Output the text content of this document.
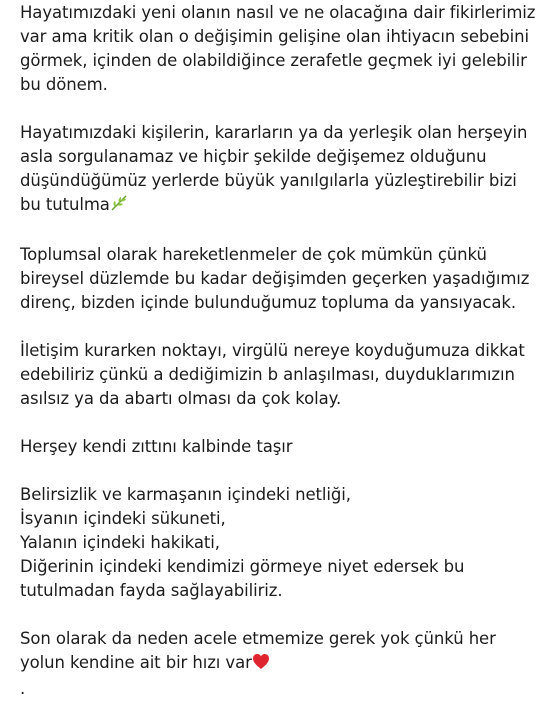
Hayatımızdaki yeni olanın nasıl ve ne olacağına dair fikirlerimiz
var ama kritik olan o değişimin gelişine olan ihtiyacın sebebini
görmek, içinden de olabildiğince zerafetle geçmek iyi gelebilir
bu dönem.

Hayatımızdaki kişilerin, kararların ya da yerleşik olan herşeyin
asla sorgulanamaz ve hiçbir şekilde değişemez olduğunu
düşündüğümüz yerlerde büyük yanılgılarla yüzleştirebilir bizi
bu tutulma

Toplumsal olarak hareketlenmeler de çok mümkün çünkü
bireysel düzlemde bu kadar değişimden geçerken yaşadığımız
direnç, bizden içinde bulunduğumuz topluma da yansıyacak.

İletişim kurarken noktayı, virgülü nereye koyduğumuza dikkat
edebiliriz çünkü a dediğimizin b anlaşılması, duyduklarımızın
asılsız ya da abartı olması da çok kolay.

Herşey kendi zıttını kalbinde taşır

Belirsizlik ve karmaşanın içindeki netliği,
İsyanın içindeki sükuneti,
Yalanın içindeki hakikati,
Diğerinin içindeki kendimizi görmeye niyet edersek bu
tutulmadan fayda sağlayabiliriz.

Son olarak da neden acele etmemize gerek yok çünkü her
yolun kendine ait bir hızı var
.
